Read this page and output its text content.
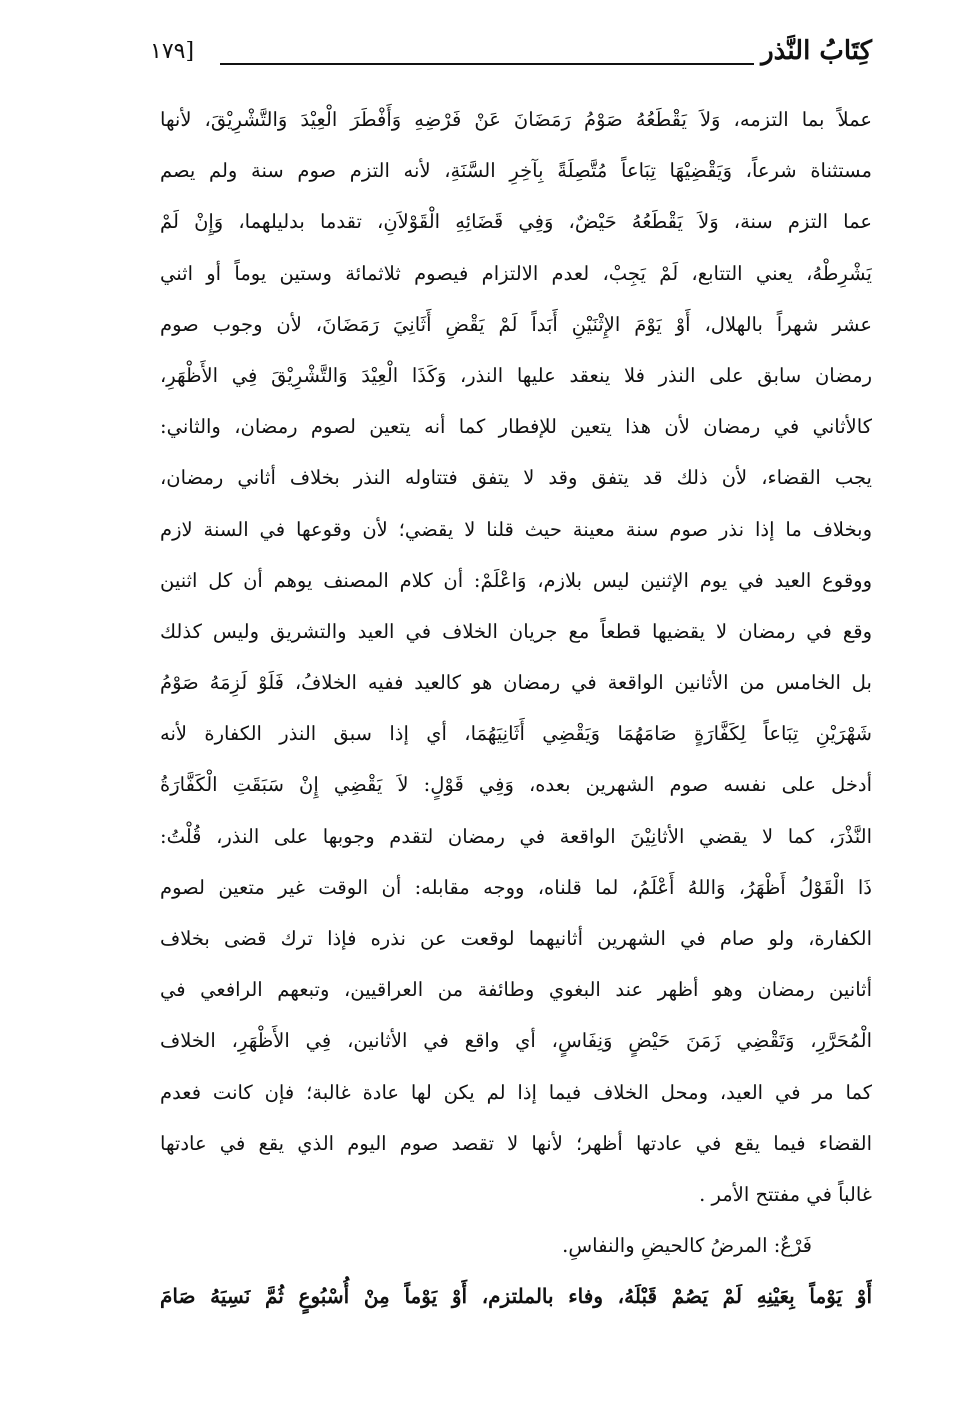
كِتَابُ النَّذر
[١٧٩
عملاً بما التزمه، وَلاَ يَقْطَعُهُ صَوْمُ رَمَضَانَ عَنْ فَرْضِهِ وَأَفْطَرَ الْعِيْدَ وَالتَّشْرِيْقَ، لأنها
مستثناة شرعاً، وَيَقْضِيْهَا تِبَاعاً مُتَّصِلَةً بِآخِرِ السَّنَةِ، لأنه التزم صوم سنة ولم يصم
عما التزم سنة، وَلاَ يَقْطَعُهُ حَيْضٌ، وَفِي قَضَائِهِ الْقَوْلاَنِ، تقدما بدليلهما، وَإِنْ لَمْ
يَشْرِطْهُ، يعني التتابع، لَمْ يَجِبْ، لعدم الالتزام فيصوم ثلاثمائة وستين يوماً أو اثني
عشر شهراً بالهلال، أَوْ يَوْمَ الإِثْنَيْنِ أَبَداً لَمْ يَقْضِ أَثَانِيَ رَمَضَانَ، لأن وجوب صوم
رمضان سابق على النذر فلا ينعقد عليها النذر، وَكَذَا الْعِيْدَ وَالتَّشْرِيْقَ فِي الأَظْهَرِ،
كالأثاني في رمضان لأن هذا يتعين للإفطار كما أنه يتعين لصوم رمضان، والثاني:
يجب القضاء، لأن ذلك قد يتفق وقد لا يتفق فتتاوله النذر بخلاف أثاني رمضان،
وبخلاف ما إذا نذر صوم سنة معينة حيث قلنا لا يقضي؛ لأن وقوعها في السنة لازم
ووقوع العيد في يوم الإثنين ليس بلازم، وَاعْلَمْ: أن كلام المصنف يوهم أن كل اثنين
وقع في رمضان لا يقضيها قطعاً مع جريان الخلاف في العيد والتشريق وليس كذلك
بل الخامس من الأثانين الواقعة في رمضان هو كالعيد ففيه الخلافُ، فَلَوْ لَزِمَهُ صَوْمُ
شَهْرَيْنِ تِبَاعاً لِكَفَّارَةٍ صَامَهُمَا وَيَقْضِي أَثَانِيَهُمَا، أي إذا سبق النذر الكفارة لأنه
أدخل على نفسه صوم الشهرين بعده، وَفِي قَوْلٍ: لاَ يَقْضِي إِنْ سَبَقَتِ الْكَفَّارَةُ
النَّذْرَ، كما لا يقضي الأثانِيْنَ الواقعة في رمضان لتقدم وجوبها على النذر، قُلْتُ:
ذَا الْقَوْلُ أَظْهَرُ، وَاللهُ أَعْلَمُ، لما قلناه، ووجه مقابله: أن الوقت غير متعين لصوم
الكفارة، ولو صام في الشهرين أثانيهما لوقعت عن نذره فإذا ترك قضى بخلاف
أثانين رمضان وهو أظهر عند البغوي وطائفة من العراقيين، وتبعهم الرافعي في
الْمُحَرَّرِ، وَتَقْضِي زَمَنَ حَيْضٍ وَنِفَاسٍ، أي واقع في الأثانين، فِي الأَظْهَرِ، الخلاف
كما مر في العيد، ومحل الخلاف فيما إذا لم يكن لها عادة غالبة؛ فإن كانت فعدم
القضاء فيما يقع في عادتها أظهر؛ لأنها لا تقصد صوم اليوم الذي يقع في عادتها
غالباً في مفتتح الأمر .
فَرْعٌ: المرضُ كالحيضِ والنفاسِ.
أَوْ يَوْماً بِعَيْنِهِ لَمْ يَصُمْ قَبْلَهُ، وفاء بالملتزم، أَوْ يَوْماً مِنْ أُسْبُوعٍ ثُمَّ نَسِيَهُ صَامَ
